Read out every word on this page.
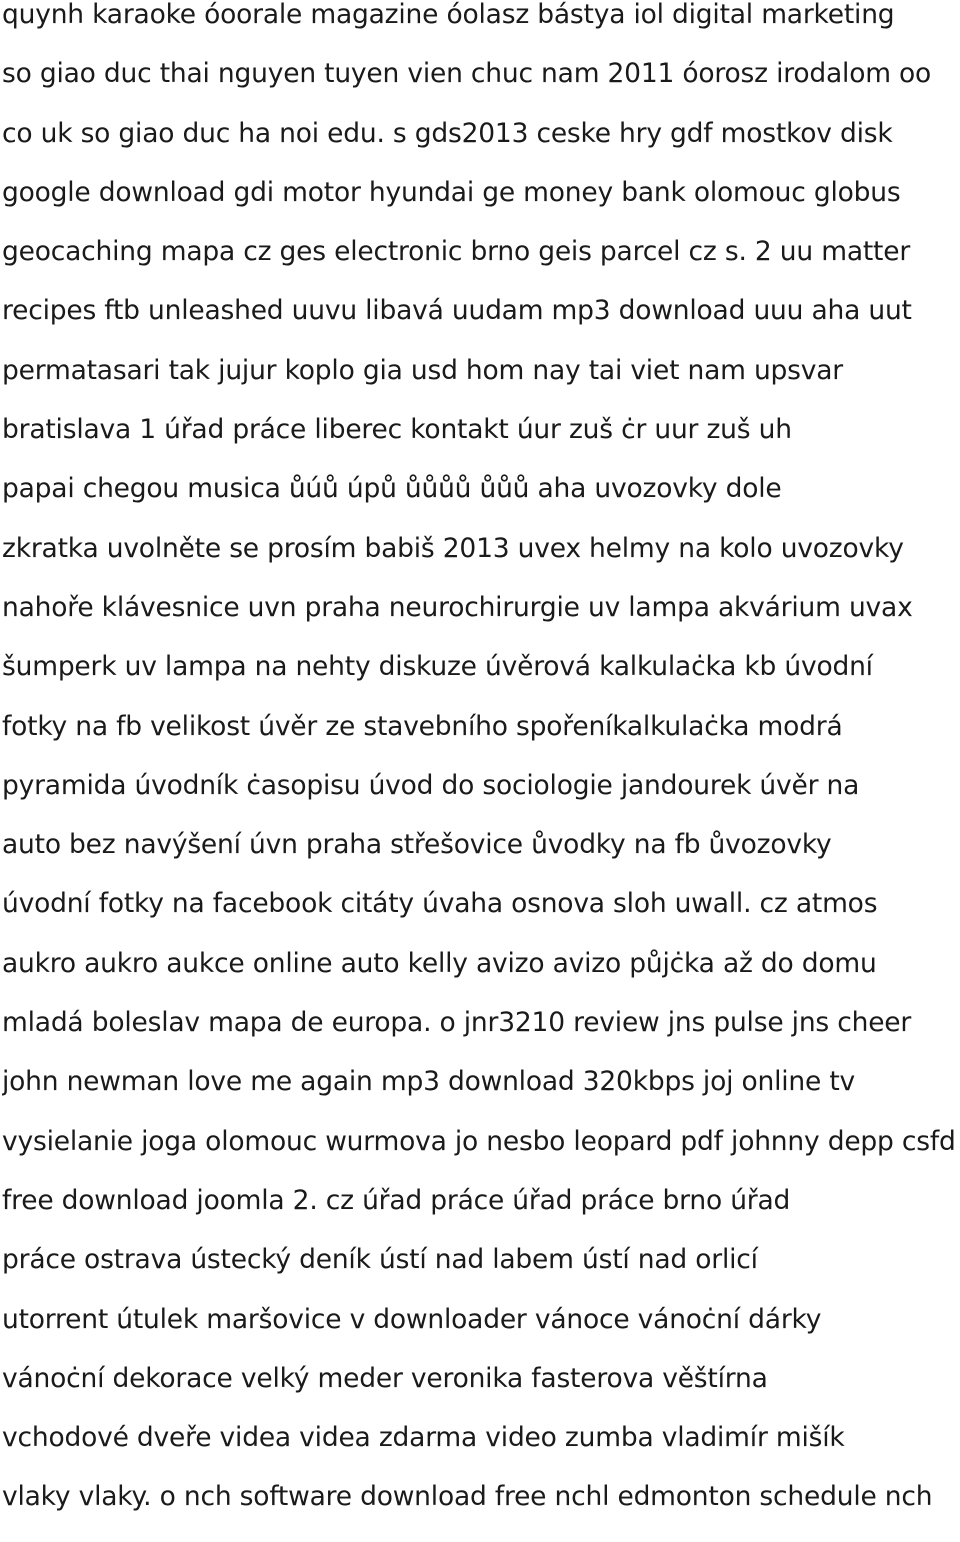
quynh karaoke óoorale magazine óolasz bástya iol digital marketing
so giao duc thai nguyen tuyen vien chuc nam 2011 óorosz irodalom oo
co uk so giao duc ha noi edu. s gds2013 ceske hry gdf mostkov disk
google download gdi motor hyundai ge money bank olomouc globus
geocaching mapa cz ges electronic brno geis parcel cz s. 2 uu matter
recipes ftb unleashed uuvu libavá uudam mp3 download uuu aha uut
permatasari tak jujur koplo gia usd hom nay tai viet nam upsvar
bratislava 1 úřad práce liberec kontakt úur zuš ċr uur zuš uh
papai chegou musica ůúů úpů ůůůů ůůů aha uvozovky dole
zkratka uvolněte se prosím babiš 2013 uvex helmy na kolo uvozovky
nahoře klávesnice uvn praha neurochirurgie uv lampa akvárium uvax
šumperk uv lampa na nehty diskuze úvěrová kalkulaċka kb úvodní
fotky na fb velikost úvěr ze stavebního spořeníkalkulaċka modrá
pyramida úvodník ċasopisu úvod do sociologie jandourek úvěr na
auto bez navýšení úvn praha střešovice ůvodky na fb ůvozovky
úvodní fotky na facebook citáty úvaha osnova sloh uwall. cz atmos
aukro aukro aukce online auto kelly avizo avizo půjċka až do domu
mladá boleslav mapa de europa. o jnr3210 review jns pulse jns cheer
john newman love me again mp3 download 320kbps joj online tv
vysielanie joga olomouc wurmova jo nesbo leopard pdf johnny depp csfd
free download joomla 2. cz úřad práce úřad práce brno úřad
práce ostrava ústecký deník ústí nad labem ústí nad orlicí
utorrent útulek maršovice v downloader vánoce vánoċní dárky
vánoċní dekorace velký meder veronika fasterova věštírna
vchodové dveře videa videa zdarma video zumba vladimír mišík
vlaky vlaky. o nch software download free nchl edmonton schedule nch
